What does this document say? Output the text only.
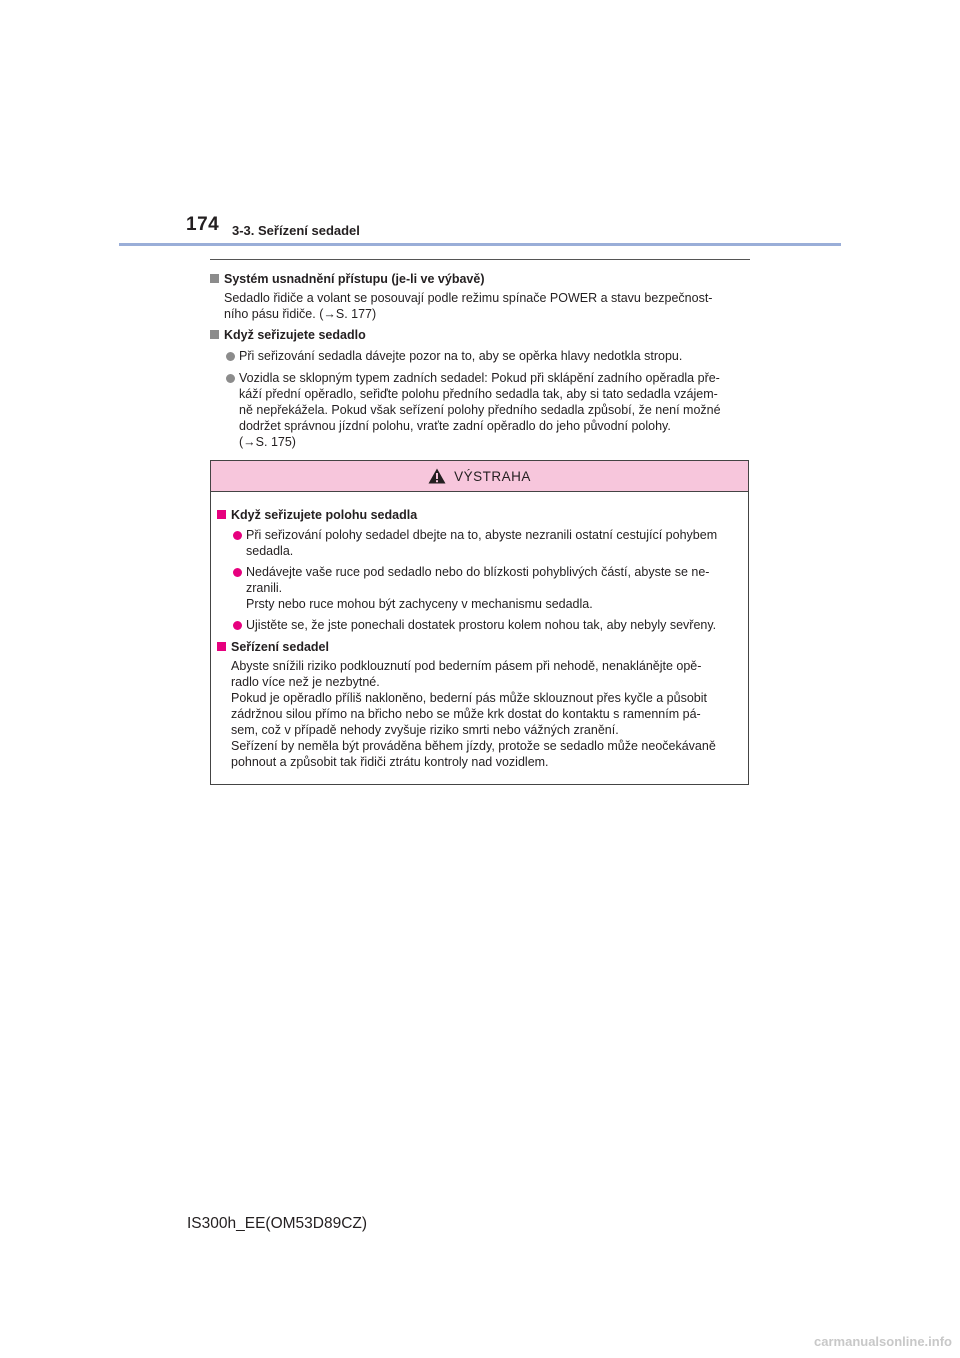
174 3-3. Seřízení sedadel
Systém usnadnění přístupu (je-li ve výbavě)
Sedadlo řidiče a volant se posouvají podle režimu spínače POWER a stavu bezpečnost-
ního pásu řidiče. (→S. 177)
Když seřizujete sedadlo
Při seřizování sedadla dávejte pozor na to, aby se opěrka hlavy nedotkla stropu.
Vozidla se sklopným typem zadních sedadel: Pokud při sklápění zadního opěradla pře-
káží přední opěradlo, seřiďte polohu předního sedadla tak, aby si tato sedadla vzájem-
ně nepřekážela. Pokud však seřízení polohy předního sedadla způsobí, že není možné
dodržet správnou jízdní polohu, vraťte zadní opěradlo do jeho původní polohy.
(→S. 175)
VÝSTRAHA
Když seřizujete polohu sedadla
Při seřizování polohy sedadel dbejte na to, abyste nezranili ostatní cestující pohybem
sedadla.
Nedávejte vaše ruce pod sedadlo nebo do blízkosti pohyblivých částí, abyste se ne-
zranili.
Prsty nebo ruce mohou být zachyceny v mechanismu sedadla.
Ujistěte se, že jste ponechali dostatek prostoru kolem nohou tak, aby nebyly sevřeny.
Seřízení sedadel
Abyste snížili riziko podklouznutí pod bederním pásem při nehodě, nenaklánějte opě-
radlo více než je nezbytné.
Pokud je opěradlo příliš nakloněno, bederní pás může sklouznout přes kyčle a působit
zádržnou silou přímo na břicho nebo se může krk dostat do kontaktu s ramenním pá-
sem, což v případě nehody zvyšuje riziko smrti nebo vážných zranění.
Seřízení by neměla být prováděna během jízdy, protože se sedadlo může neočekávaně
pohnout a způsobit tak řidiči ztrátu kontroly nad vozidlem.
IS300h_EE(OM53D89CZ)
carmanualsonline.info
